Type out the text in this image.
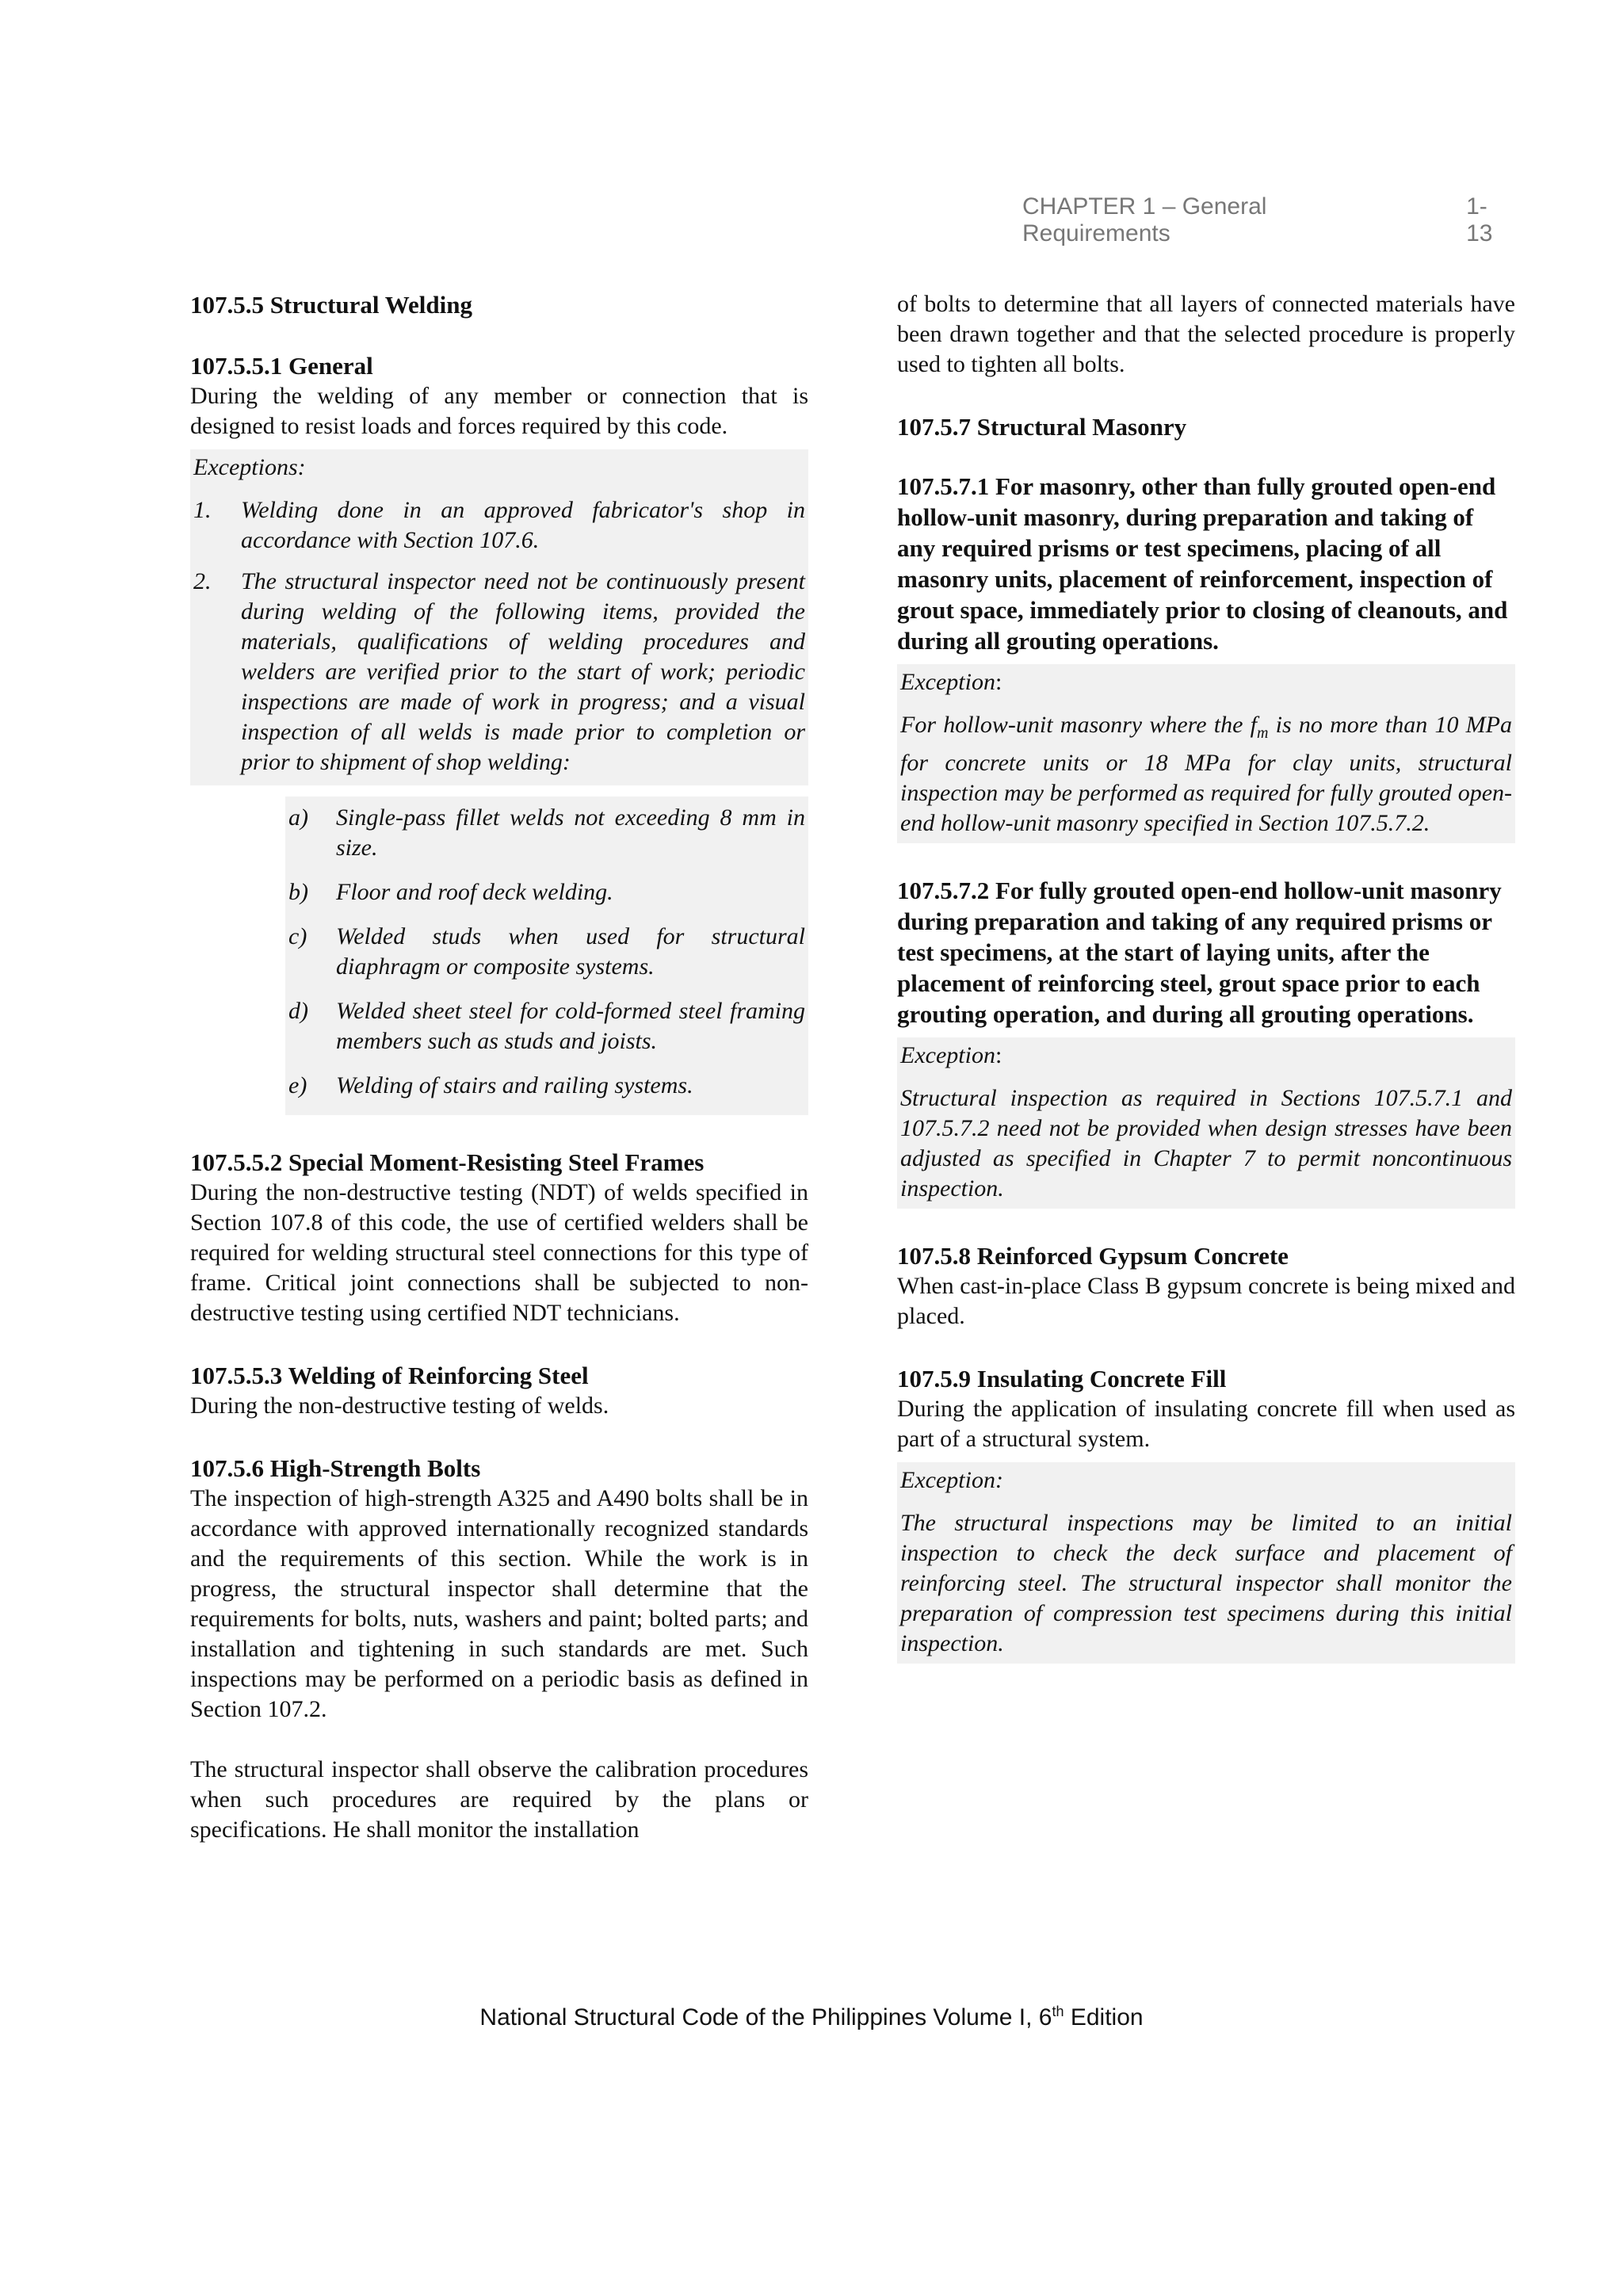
CHAPTER 1 – General Requirements
1-13
107.5.5 Structural Welding
107.5.5.1 General

During the welding of any member or connection that is designed to resist loads and forces required by this code.

Exceptions:
1.	Welding done in an approved fabricator's shop in accordance with Section 107.6.
2.	The structural inspector need not be continuously present during welding of the following items, provided the materials, qualifications of welding procedures and welders are verified prior to the start of work; periodic inspections are made of work in progress; and a visual inspection of all welds is made prior to completion or prior to shipment of shop welding:
a)	Single-pass fillet welds not exceeding 8 mm in size.
b)	Floor and roof deck welding.
c)	Welded studs when used for structural diaphragm or composite systems.
d)	Welded sheet steel for cold-formed steel framing members such as studs and joists.
e)	Welding of stairs and railing systems.
107.5.5.2 Special Moment-Resisting Steel Frames

During the non-destructive testing (NDT) of welds specified in Section 107.8 of this code, the use of certified welders shall be required for welding structural steel connections for this type of frame. Critical joint connections shall be subjected to non-destructive testing using certified NDT technicians.

107.5.5.3 Welding of Reinforcing Steel

During the non-destructive testing of welds.

107.5.6 High-Strength Bolts

The inspection of high-strength A325 and A490 bolts shall be in accordance with approved internationally recognized standards and the requirements of this section. While the work is in progress, the structural inspector shall determine that the requirements for bolts, nuts, washers and paint; bolted parts; and installation and tightening in such standards are met. Such inspections may be performed on a periodic basis as defined in Section 107.2.

The structural inspector shall observe the calibration procedures when such procedures are required by the plans or specifications. He shall monitor the installation

of bolts to determine that all layers of connected materials have been drawn together and that the selected procedure is properly used to tighten all bolts.

107.5.7 Structural Masonry
107.5.7.1 For masonry, other than fully grouted open-end hollow-unit masonry, during preparation and taking of any required prisms or test specimens, placing of all masonry units, placement of reinforcement, inspection of grout space, immediately prior to closing of cleanouts, and during all grouting operations.
Exception:
For hollow-unit masonry where the $f_m$ is no more than 10 MPa for concrete units or 18 MPa for clay units, structural inspection may be performed as required for fully grouted open-end hollow-unit masonry specified in Section 107.5.7.2.
107.5.7.2 For fully grouted open-end hollow-unit masonry during preparation and taking of any required prisms or test specimens, at the start of laying units, after the placement of reinforcing steel, grout space prior to each grouting operation, and during all grouting operations.
Exception:
Structural inspection as required in Sections 107.5.7.1 and 107.5.7.2 need not be provided when design stresses have been adjusted as specified in Chapter 7 to permit noncontinuous inspection.
107.5.8 Reinforced Gypsum Concrete

When cast-in-place Class B gypsum concrete is being mixed and placed.

107.5.9 Insulating Concrete Fill

During the application of insulating concrete fill when used as part of a structural system.

Exception:
The structural inspections may be limited to an initial inspection to check the deck surface and placement of reinforcing steel. The structural inspector shall monitor the preparation of compression test specimens during this initial inspection.
National Structural Code of the Philippines Volume I, 6th Edition
